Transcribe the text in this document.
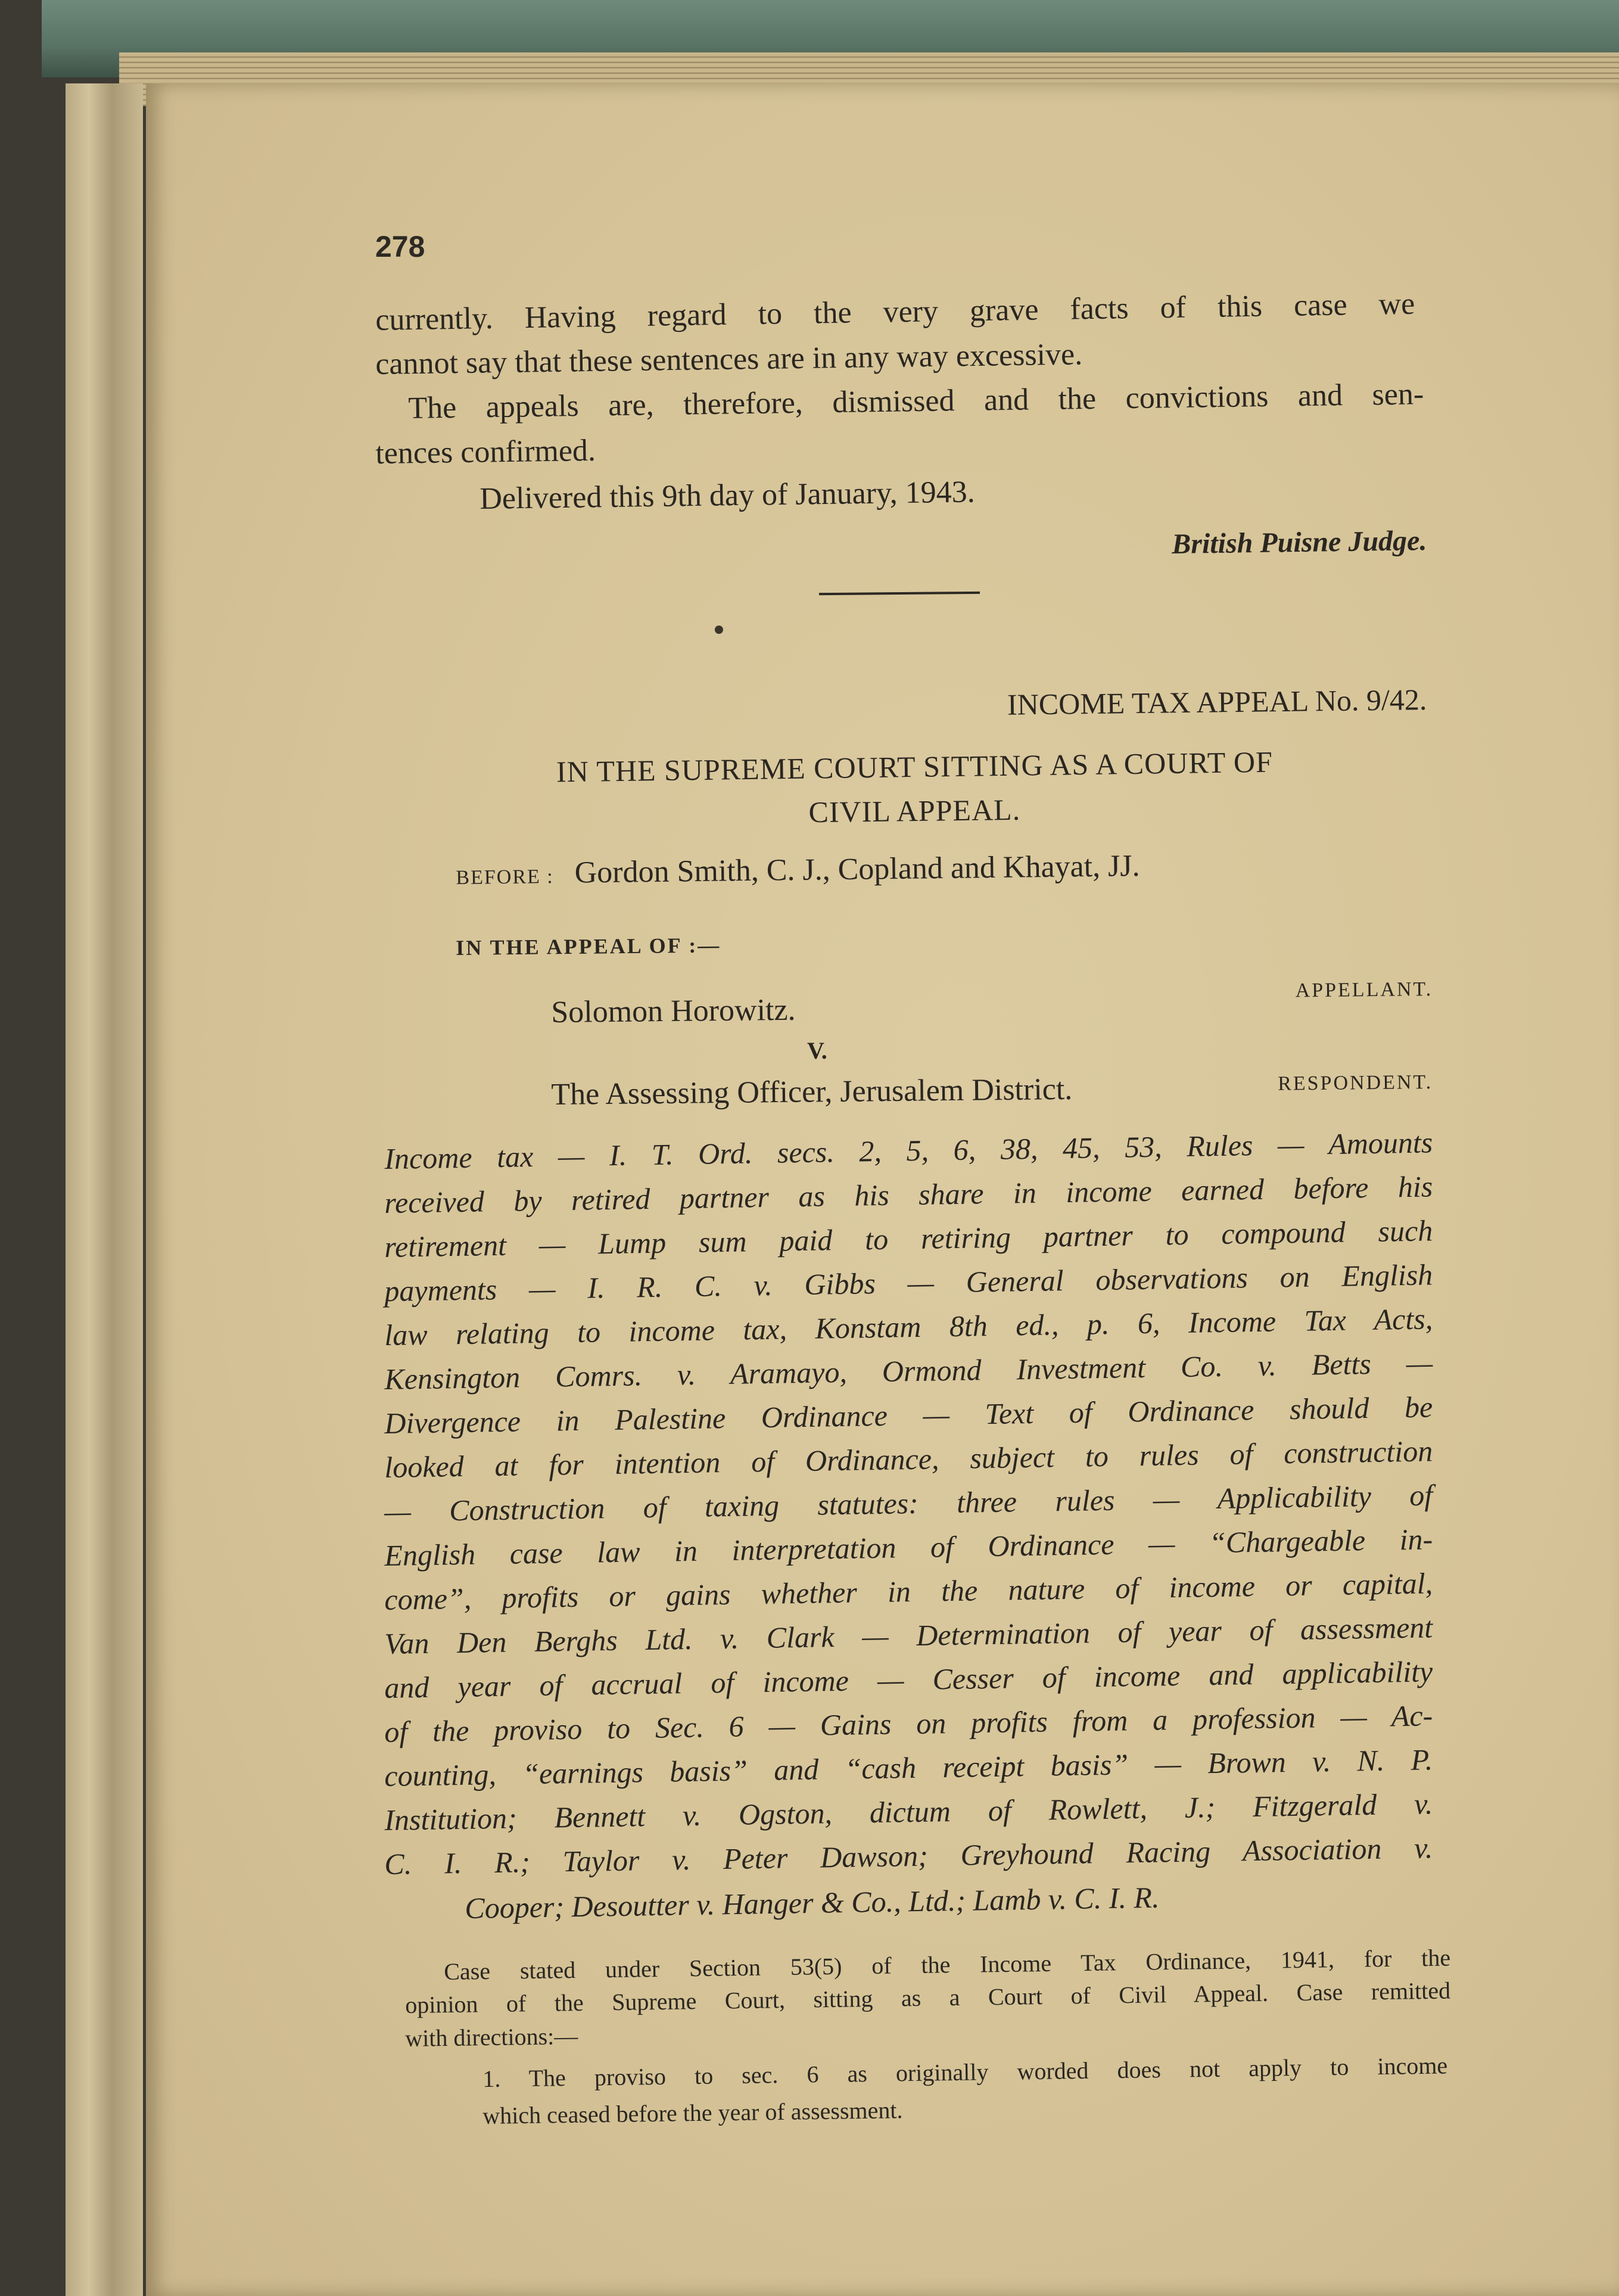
278
currently. Having regard to the very grave facts of this case we
cannot say that these sentences are in any way excessive.
The appeals are, therefore, dismissed and the convictions and sen-
tences confirmed.
Delivered this 9th day of January, 1943.
British Puisne Judge.
INCOME TAX APPEAL No. 9/42.
IN THE SUPREME COURT SITTING AS A COURT OF
CIVIL APPEAL.
BEFORE : Gordon Smith, C. J., Copland and Khayat, JJ.
IN THE APPEAL OF :—
Solomon Horowitz.
APPELLANT.
V.
The Assessing Officer, Jerusalem District.	RESPONDENT.
Income tax — I. T. Ord. secs. 2, 5, 6, 38, 45, 53, Rules — Amounts
received by retired partner as his share in income earned before his
retirement — Lump sum paid to retiring partner to compound such
payments — I. R. C. v. Gibbs — General observations on English
law relating to income tax, Konstam 8th ed., p. 6, Income Tax Acts,
Kensington Comrs. v. Aramayo, Ormond Investment Co. v. Betts —
Divergence in Palestine Ordinance — Text of Ordinance should be
looked at for intention of Ordinance, subject to rules of construction
— Construction of taxing statutes: three rules — Applicability of
English case law in interpretation of Ordinance — “Chargeable in-
come”, profits or gains whether in the nature of income or capital,
Van Den Berghs Ltd. v. Clark — Determination of year of assessment
and year of accrual of income — Cesser of income and applicability
of the proviso to Sec. 6 — Gains on profits from a profession — Ac-
counting, “earnings basis” and “cash receipt basis” — Brown v. N. P.
Institution; Bennett v. Ogston, dictum of Rowlett, J.; Fitzgerald v.
C. I. R.; Taylor v. Peter Dawson; Greyhound Racing Association v.
Cooper; Desoutter v. Hanger & Co., Ltd.; Lamb v. C. I. R.
Case stated under Section 53(5) of the Income Tax Ordinance, 1941, for the
opinion of the Supreme Court, sitting as a Court of Civil Appeal. Case remitted
with directions:—
1. The proviso to sec. 6 as originally worded does not apply to income
which ceased before the year of assessment.
